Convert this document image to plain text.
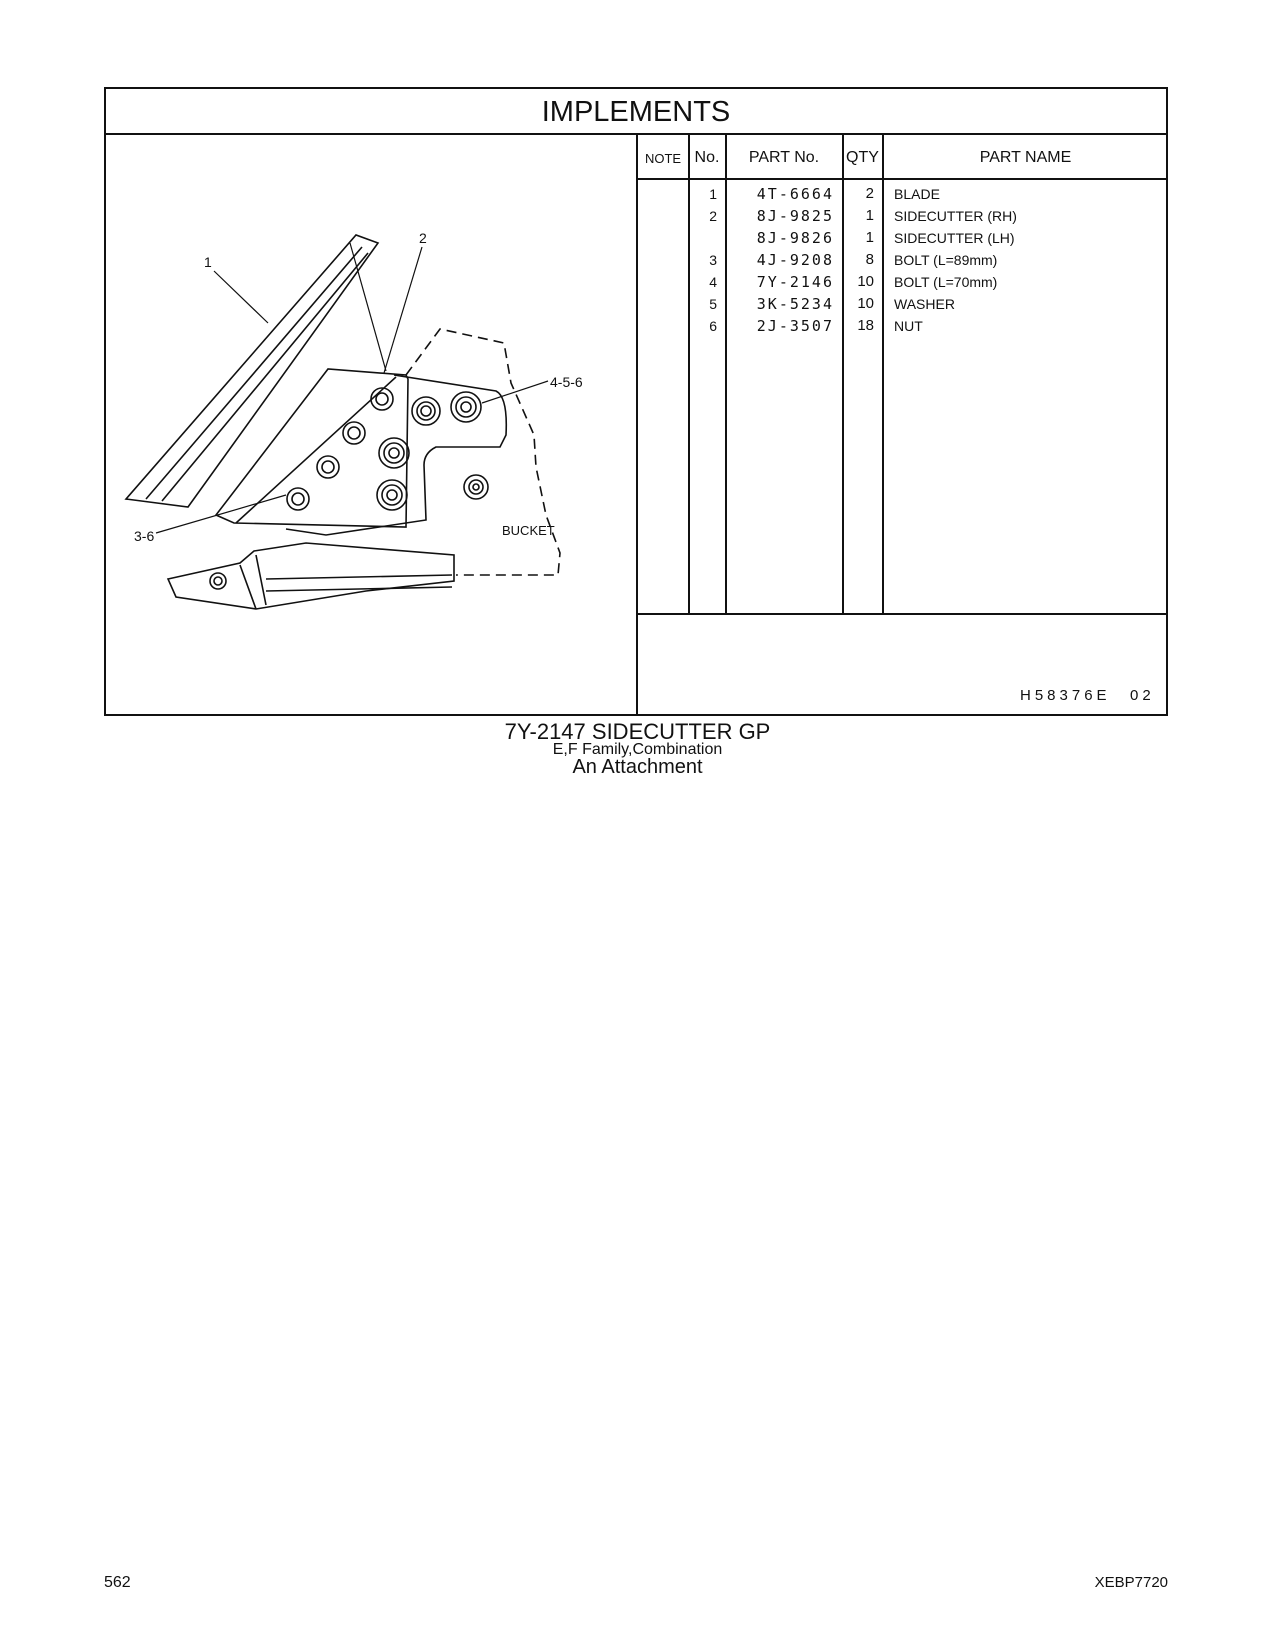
IMPLEMENTS
1
2
4-5-6
3-6	BUCKET
NOTE No.	PART No.	QTY	PART NAME
1	4T-6664	2 BLADE
2	8J-9825	1 SIDECUTTER (RH)
8J-9826	1 SIDECUTTER (LH)
3	4J-9208	8 BOLT (L=89mm)
4	7Y-2146	10 BOLT (L=70mm)
5	3K-5234	10 WASHER
6	2J-3507	18 NUT
H58376E 02
7Y-2147 SIDECUTTER GP
E,F Family,Combination
An Attachment
562	XEBP7720
